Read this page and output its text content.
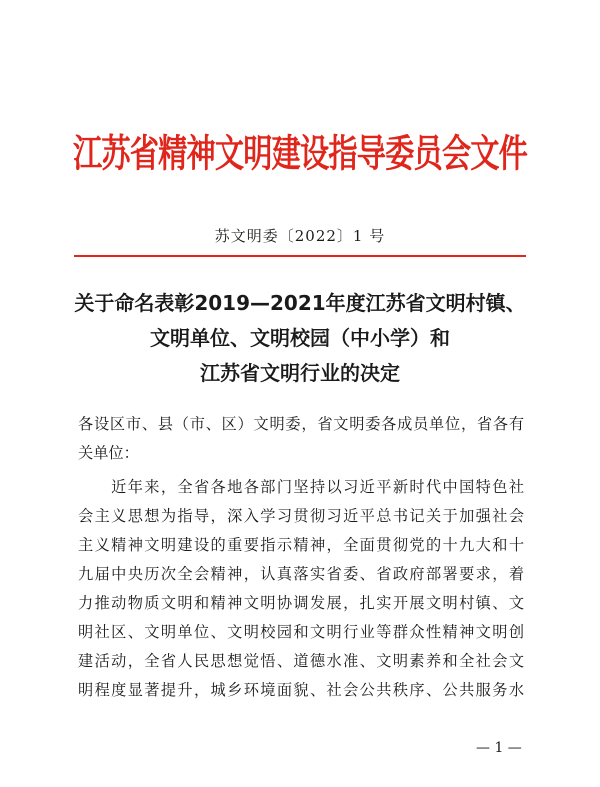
江苏省精神文明建设指导委员会文件
苏文明委〔2022〕1 号
关于命名表彰2019—2021年度江苏省文明村镇、
文明单位、文明校园（中小学）和
江苏省文明行业的决定
各设区市、县（市、区）文明委，省文明委各成员单位，省各有
关单位：
　　近年来，全省各地各部门坚持以习近平新时代中国特色社
会主义思想为指导，深入学习贯彻习近平总书记关于加强社会
主义精神文明建设的重要指示精神，全面贯彻党的十九大和十
九届中央历次全会精神，认真落实省委、省政府部署要求，着
力推动物质文明和精神文明协调发展，扎实开展文明村镇、文
明社区、文明单位、文明校园和文明行业等群众性精神文明创
建活动，全省人民思想觉悟、道德水准、文明素养和全社会文
明程度显著提升，城乡环境面貌、社会公共秩序、公共服务水
— 1 —
